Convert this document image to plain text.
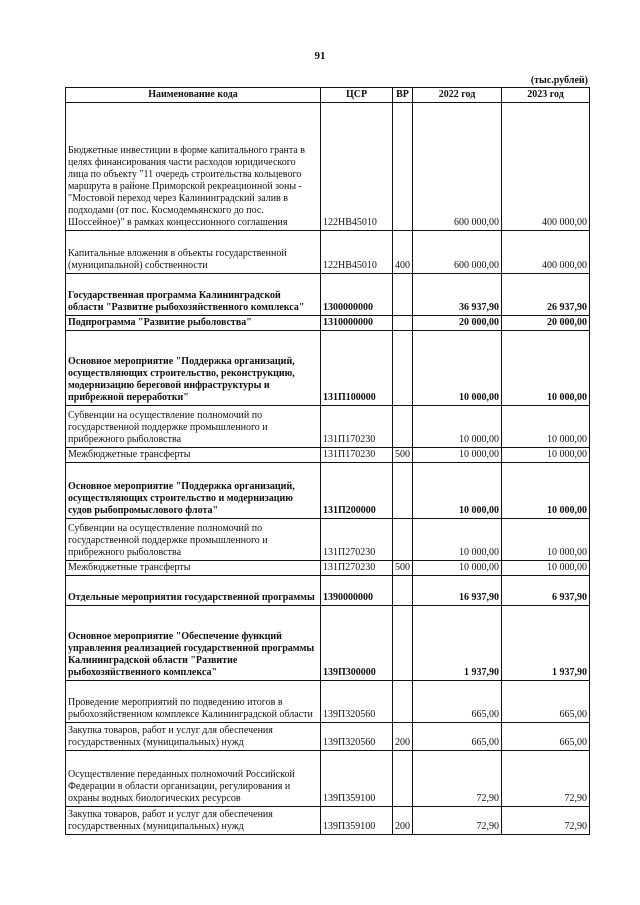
91
(тыс.рублей)
Наименование кода	ЦСР	ВР	2022 год	2023 год
Бюджетные инвестиции в форме капитального гранта в целях финансирования части расходов юридического лица по объекту "11 очередь строительства кольцевого маршрута в районе Приморской рекреационной зоны - "Мостовой переход через Калининградский залив в подходами (от пос. Космодемьянского до пос. Шоссейное)" в рамках концессионного соглашения	122НВ45010		600 000,00	400 000,00
Капитальные вложения в объекты государственной (муниципальной) собственности	122НВ45010	400	600 000,00	400 000,00
Государственная программа Калининградской области "Развитие рыбохозяйственного комплекса"	1300000000		36 937,90	26 937,90
Подпрограмма "Развитие рыболовства"	1310000000		20 000,00	20 000,00
Основное мероприятие "Поддержка организаций, осуществляющих строительство, реконструкцию, модернизацию береговой инфраструктуры и прибрежной переработки"	131П100000		10 000,00	10 000,00
Субвенции на осуществление полномочий по государственной поддержке промышленного и прибрежного рыболовства	131П170230		10 000,00	10 000,00
Межбюджетные трансферты	131П170230	500	10 000,00	10 000,00
Основное мероприятие "Поддержка организаций, осуществляющих строительство и модернизацию судов рыбопромыслового флота"	131П200000		10 000,00	10 000,00
Субвенции на осуществление полномочий по государственной поддержке промышленного и прибрежного рыболовства	131П270230		10 000,00	10 000,00
Межбюджетные трансферты	131П270230	500	10 000,00	10 000,00
Отдельные мероприятия государственной программы	1390000000		16 937,90	6 937,90
Основное мероприятие "Обеспечение функций управления реализацией государственной программы Калининградской области "Развитие рыбохозяйственного комплекса"	139П300000		1 937,90	1 937,90
Проведение мероприятий по подведению итогов в рыбохозяйственном комплексе Калининградской области	139П320560		665,00	665,00
Закупка товаров, работ и услуг для обеспечения государственных (муниципальных) нужд	139П320560	200	665,00	665,00
Осуществление переданных полномочий Российской Федерации в области организации, регулирования и охраны водных биологических ресурсов	139П359100		72,90	72,90
Закупка товаров, работ и услуг для обеспечения государственных (муниципальных) нужд	139П359100	200	72,90	72,90
